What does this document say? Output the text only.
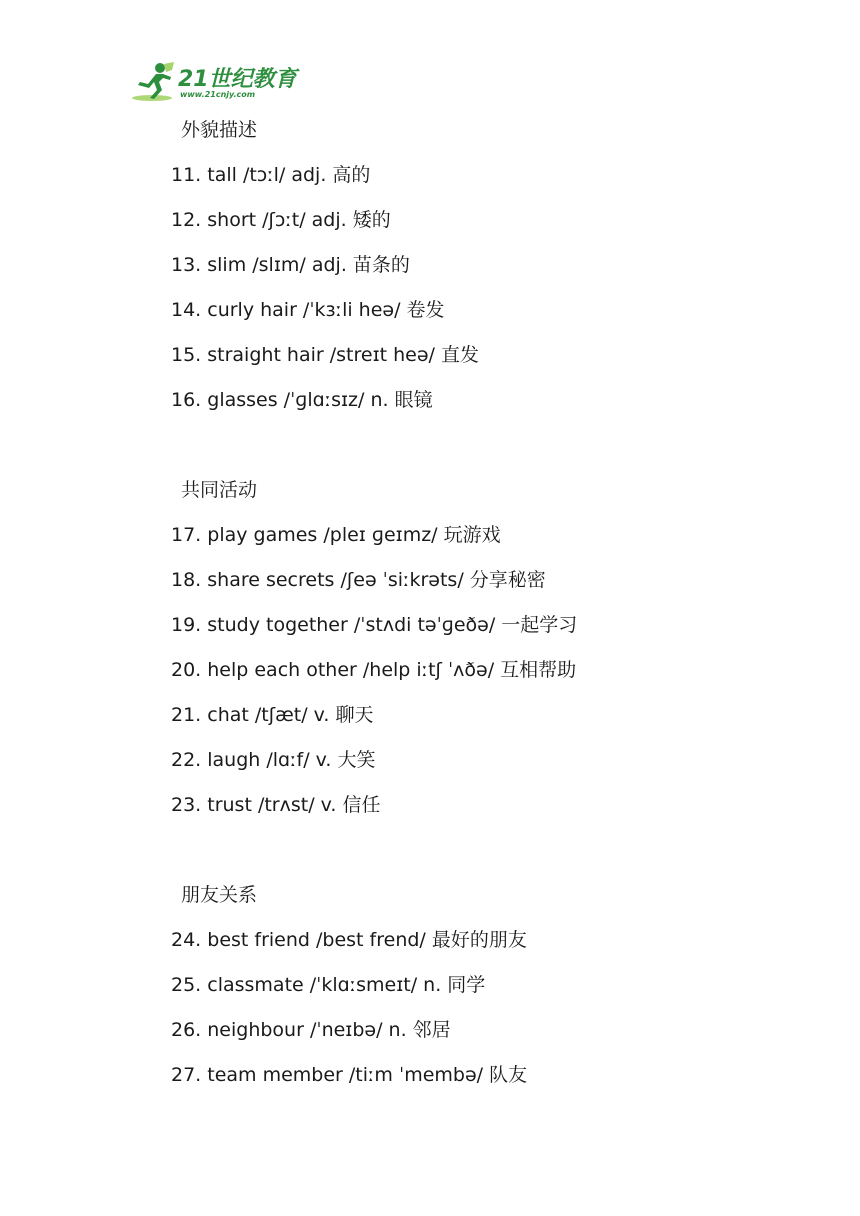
21世纪教育
www.21cnjy.com
外貌描述
11. tall /tɔːl/ adj. 高的
12. short /ʃɔːt/ adj. 矮的
13. slim /slɪm/ adj. 苗条的
14. curly hair /ˈkɜːli heə/ 卷发
15. straight hair /streɪt heə/ 直发
16. glasses /ˈɡlɑːsɪz/ n. 眼镜
共同活动
17. play games /pleɪ ɡeɪmz/ 玩游戏
18. share secrets /ʃeə ˈsiːkrəts/ 分享秘密
19. study together /ˈstʌdi təˈɡeðə/ 一起学习
20. help each other /help iːtʃ ˈʌðə/ 互相帮助
21. chat /tʃæt/ v. 聊天
22. laugh /lɑːf/ v. 大笑
23. trust /trʌst/ v. 信任
朋友关系
24. best friend /best frend/ 最好的朋友
25. classmate /ˈklɑːsmeɪt/ n. 同学
26. neighbour /ˈneɪbə/ n. 邻居
27. team member /tiːm ˈmembə/ 队友
